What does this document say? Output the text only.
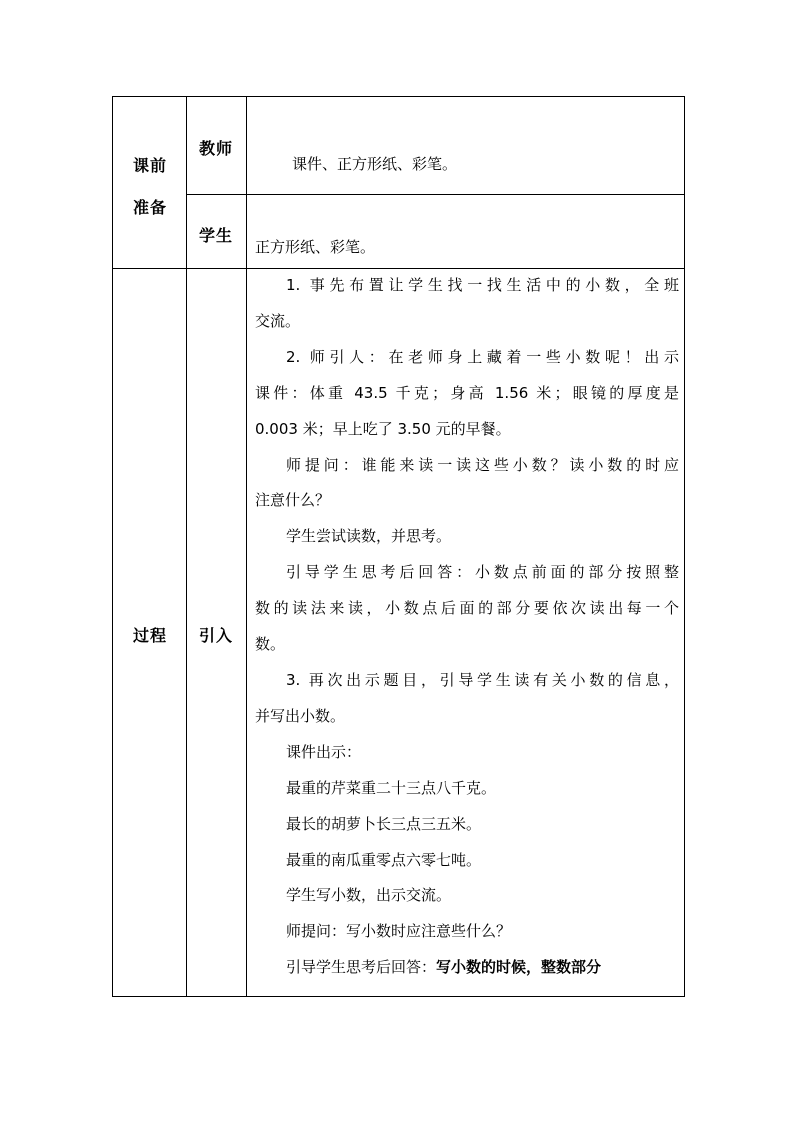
课前
准备
教师
课件、正方形纸、彩笔。
学生
正方形纸、彩笔。
过程 引入

1. 事先布置让学生找一找生活中的小数，全班

交流。

2. 师引人：在老师身上藏着一些小数呢！出示

课件：体重 43.5 千克；身高 1.56 米；眼镜的厚度是

0.003 米；早上吃了 3.50 元的早餐。

师提问：谁能来读一读这些小数？读小数的时应

注意什么？

学生尝试读数，并思考。

引导学生思考后回答：小数点前面的部分按照整

数的读法来读，小数点后面的部分要依次读出每一个

数。

3. 再次出示题目，引导学生读有关小数的信息，

并写出小数。

课件出示：

最重的芹菜重二十三点八千克。

最长的胡萝卜长三点三五米。

最重的南瓜重零点六零七吨。

学生写小数，出示交流。

师提问：写小数时应注意些什么？

引导学生思考后回答：写小数的时候，整数部分
